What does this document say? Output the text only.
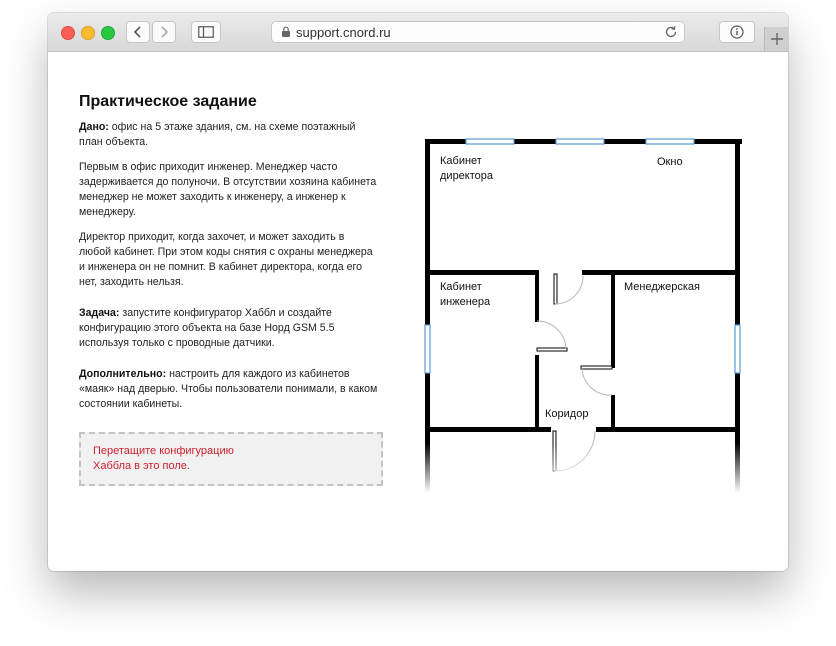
support.cnord.ru
Практическое задание

Дано: офис на 5 этаже здания, см. на схеме поэтажный план объекта.

Первым в офис приходит инженер. Менеджер часто задерживается до полуночи. В отсутствии хозяина кабинета менеджер не может заходить к инженеру, а инженер к менеджеру.

Директор приходит, когда захочет, и может заходить в любой кабинет. При этом коды снятия с охраны менеджера и инженера он не помнит. В кабинет директора, когда его нет, заходить нельзя.

Задача: запустите конфигуратор Хаббл и создайте конфигурацию этого объекта на базе Норд GSM 5.5 используя только с проводные датчики.

Дополнительно: настроить для каждого из кабинетов «маяк» над дверью. Чтобы пользователи понимали, в каком состоянии кабинеты.

Перетащите конфигурацию Хаббла в это поле.
Кабинет
директора
Окно
Кабинет
инженера
Менеджерская
Коридор
